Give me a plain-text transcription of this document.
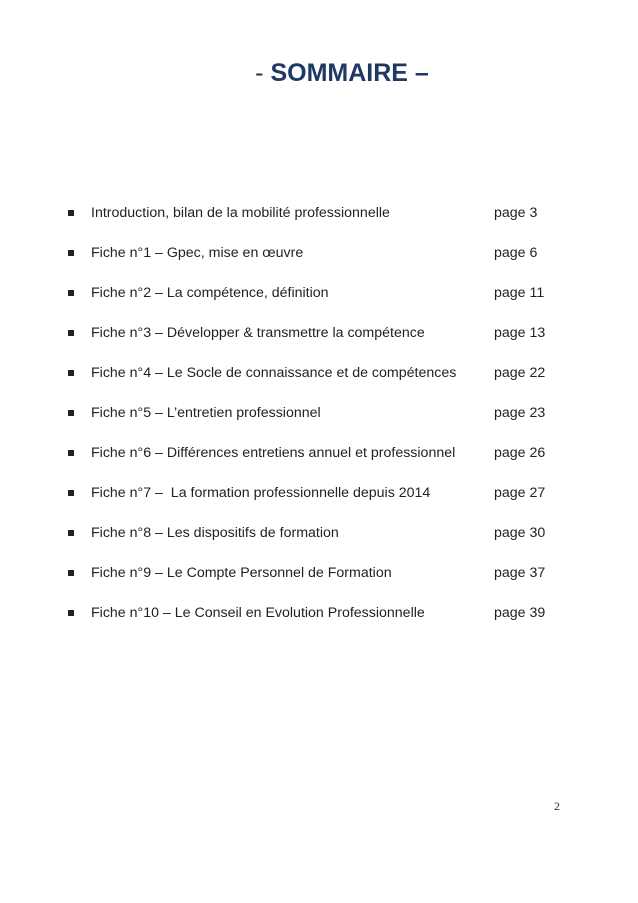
- SOMMAIRE –
Introduction, bilan de la mobilité professionnelle	page 3
Fiche n°1 – Gpec, mise en œuvre	page 6
Fiche n°2 – La compétence, définition	page 11
Fiche n°3 – Développer & transmettre la compétence	page 13
Fiche n°4 – Le Socle de connaissance et de compétences	page 22
Fiche n°5 – L’entretien professionnel	page 23
Fiche n°6 – Différences entretiens annuel et professionnel	page 26
Fiche n°7 –  La formation professionnelle depuis 2014	page 27
Fiche n°8 – Les dispositifs de formation	page 30
Fiche n°9 – Le Compte Personnel de Formation	page 37
Fiche n°10 – Le Conseil en Evolution Professionnelle	page 39
2
